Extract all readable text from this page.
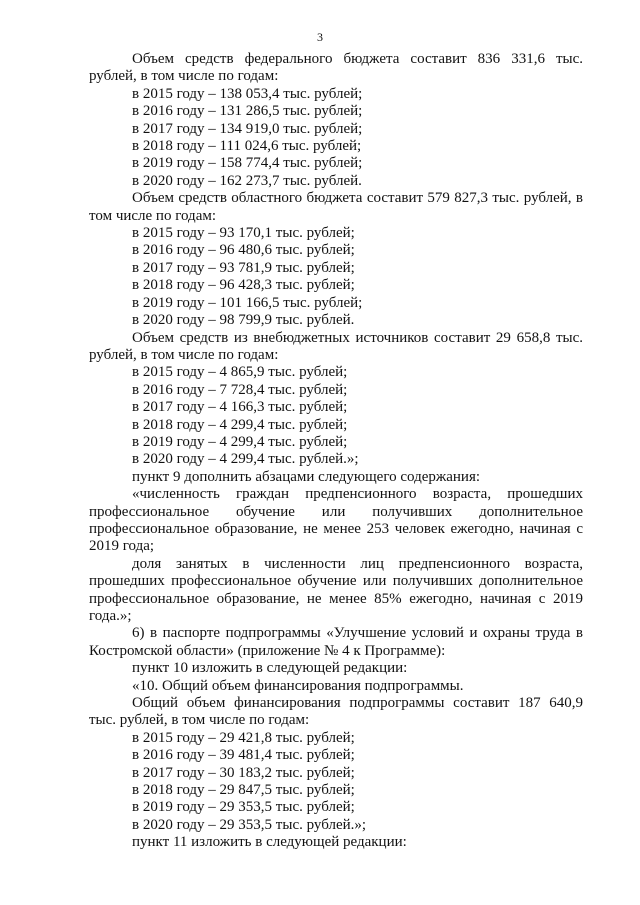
3
Объем средств федерального бюджета составит 836 331,6 тыс. рублей, в том числе по годам:
в 2015 году – 138 053,4 тыс. рублей;
в 2016 году – 131 286,5 тыс. рублей;
в 2017 году – 134 919,0 тыс. рублей;
в 2018 году – 111 024,6 тыс. рублей;
в 2019 году – 158 774,4 тыс. рублей;
в 2020 году – 162 273,7 тыс. рублей.
Объем средств областного бюджета составит 579 827,3 тыс. рублей, в том числе по годам:
в 2015 году – 93 170,1 тыс. рублей;
в 2016 году – 96 480,6 тыс. рублей;
в 2017 году – 93 781,9 тыс. рублей;
в 2018 году – 96 428,3 тыс. рублей;
в 2019 году – 101 166,5 тыс. рублей;
в 2020 году – 98 799,9 тыс. рублей.
Объем средств из внебюджетных источников составит 29 658,8 тыс. рублей, в том числе по годам:
в 2015 году – 4 865,9 тыс. рублей;
в 2016 году – 7 728,4 тыс. рублей;
в 2017 году – 4 166,3 тыс. рублей;
в 2018 году – 4 299,4 тыс. рублей;
в 2019 году – 4 299,4 тыс. рублей;
в 2020 году – 4 299,4 тыс. рублей.»;
пункт 9 дополнить абзацами следующего содержания:
«численность граждан предпенсионного возраста, прошедших профессиональное обучение или получивших дополнительное профессиональное образование, не менее 253 человек ежегодно, начиная с 2019 года;
доля занятых в численности лиц предпенсионного возраста, прошедших профессиональное обучение или получивших дополнительное профессиональное образование, не менее 85% ежегодно, начиная с 2019 года.»;
6) в паспорте подпрограммы «Улучшение условий и охраны труда в Костромской области» (приложение № 4 к Программе):
пункт 10 изложить в следующей редакции:
«10. Общий объем финансирования подпрограммы.
Общий объем финансирования подпрограммы составит 187 640,9 тыс. рублей, в том числе по годам:
в 2015 году – 29 421,8 тыс. рублей;
в 2016 году – 39 481,4 тыс. рублей;
в 2017 году – 30 183,2 тыс. рублей;
в 2018 году – 29 847,5 тыс. рублей;
в 2019 году – 29 353,5 тыс. рублей;
в 2020 году – 29 353,5 тыс. рублей.»;
пункт 11 изложить в следующей редакции:
